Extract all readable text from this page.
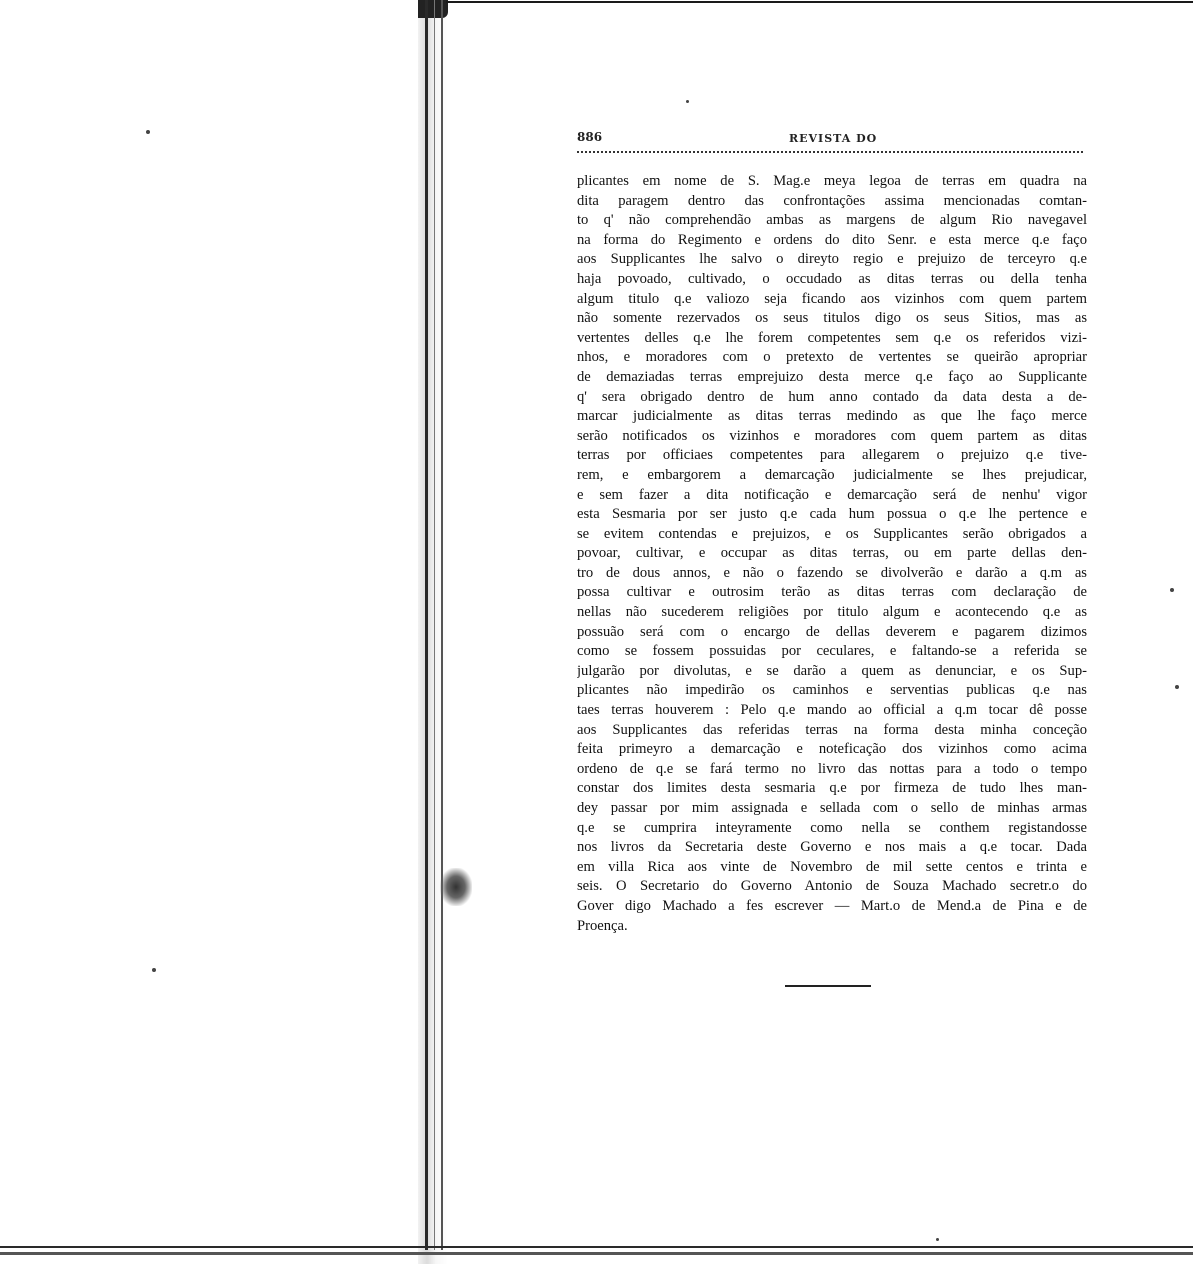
886	REVISTA DO
plicantes em nome de S. Mag.e meya legoa de terras em quadra na
dita paragem dentro das confrontações assima mencionadas comtan-
to q' não comprehendão ambas as margens de algum Rio navegavel
na forma do Regimento e ordens do dito Senr. e esta merce q.e faço
aos Supplicantes lhe salvo o direyto regio e prejuizo de terceyro q.e
haja povoado, cultivado, o occudado as ditas terras ou della tenha
algum titulo q.e valiozo seja ficando aos vizinhos com quem partem
não somente rezervados os seus titulos digo os seus Sitios, mas as
vertentes delles q.e lhe forem competentes sem q.e os referidos vizi-
nhos, e moradores com o pretexto de vertentes se queirão apropriar
de demaziadas terras emprejuizo desta merce q.e faço ao Supplicante
q' sera obrigado dentro de hum anno contado da data desta a de-
marcar judicialmente as ditas terras medindo as que lhe faço merce
serão notificados os vizinhos e moradores com quem partem as ditas
terras por officiaes competentes para allegarem o prejuizo q.e tive-
rem, e embargorem a demarcação judicialmente se lhes prejudicar,
e sem fazer a dita notificação e demarcação será de nenhu' vigor
esta Sesmaria por ser justo q.e cada hum possua o q.e lhe pertence e
se evitem contendas e prejuizos, e os Supplicantes serão obrigados a
povoar, cultivar, e occupar as ditas terras, ou em parte dellas den-
tro de dous annos, e não o fazendo se divolverão e darão a q.m as
possa cultivar e outrosim terão as ditas terras com declaração de
nellas não sucederem religiões por titulo algum e acontecendo q.e as
possuão será com o encargo de dellas deverem e pagarem dizimos
como se fossem possuidas por ceculares, e faltando-se a referida se
julgarão por divolutas, e se darão a quem as denunciar, e os Sup-
plicantes não impedirão os caminhos e serventias publicas q.e nas
taes terras houverem : Pelo q.e mando ao official a q.m tocar dê posse
aos Supplicantes das referidas terras na forma desta minha conceção
feita primeyro a demarcação e noteficação dos vizinhos como acima
ordeno de q.e se fará termo no livro das nottas para a todo o tempo
constar dos limites desta sesmaria q.e por firmeza de tudo lhes man-
dey passar por mim assignada e sellada com o sello de minhas armas
q.e se cumprira inteyramente como nella se conthem registandosse
nos livros da Secretaria deste Governo e nos mais a q.e tocar. Dada
em villa Rica aos vinte de Novembro de mil sette centos e trinta e
seis. O Secretario do Governo Antonio de Souza Machado secretr.o do
Gover digo Machado a fes escrever — Mart.o de Mend.a de Pina e de
Proença.
